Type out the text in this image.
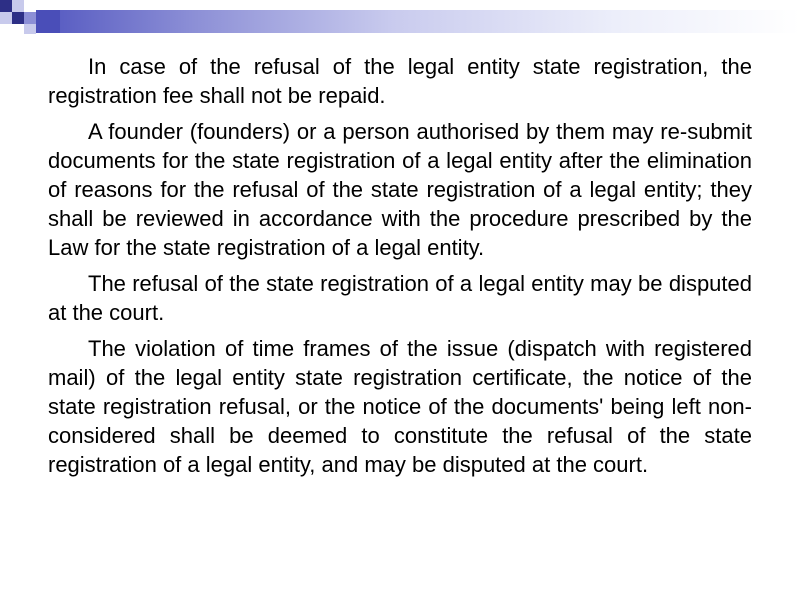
In case of the refusal of the legal entity state registration, the registration fee shall not be repaid.

A founder (founders) or a person authorised by them may re-submit documents for the state registration of a legal entity after the elimination of reasons for the refusal of the state registration of a legal entity; they shall be reviewed in accordance with the procedure prescribed by the Law for the state registration of a legal entity.

The refusal of the state registration of a legal entity may be disputed at the court.

The violation of time frames of the issue (dispatch with registered mail) of the legal entity state registration certificate, the notice of the state registration refusal, or the notice of the documents' being left non-considered shall be deemed to constitute the refusal of the state registration of a legal entity, and may be disputed at the court.
